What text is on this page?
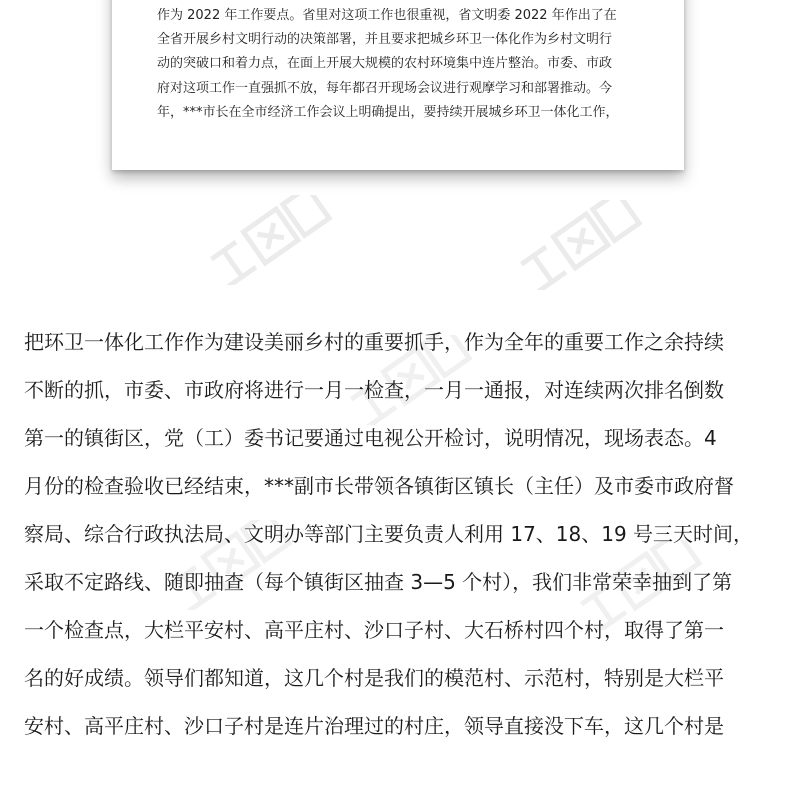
作为 2022 年工作要点。省里对这项工作也很重视，省文明委 2022 年作出了在
全省开展乡村文明行动的决策部署，并且要求把城乡环卫一体化作为乡村文明行
动的突破口和着力点，在面上开展大规模的农村环境集中连片整治。市委、市政
府对这项工作一直强抓不放，每年都召开现场会议进行观摩学习和部署推动。今
年，***市长在全市经济工作会议上明确提出，要持续开展城乡环卫一体化工作，
把环卫一体化工作作为建设美丽乡村的重要抓手，作为全年的重要工作之余持续
不断的抓，市委、市政府将进行一月一检查，一月一通报，对连续两次排名倒数
第一的镇街区，党（工）委书记要通过电视公开检讨，说明情况，现场表态。4
月份的检查验收已经结束，***副市长带领各镇街区镇长（主任）及市委市政府督
察局、综合行政执法局、文明办等部门主要负责人利用 17、18、19 号三天时间，
采取不定路线、随即抽查（每个镇街区抽查 3—5 个村），我们非常荣幸抽到了第
一个检查点，大栏平安村、高平庄村、沙口子村、大石桥村四个村，取得了第一
名的好成绩。领导们都知道，这几个村是我们的模范村、示范村，特别是大栏平
安村、高平庄村、沙口子村是连片治理过的村庄，领导直接没下车，这几个村是
